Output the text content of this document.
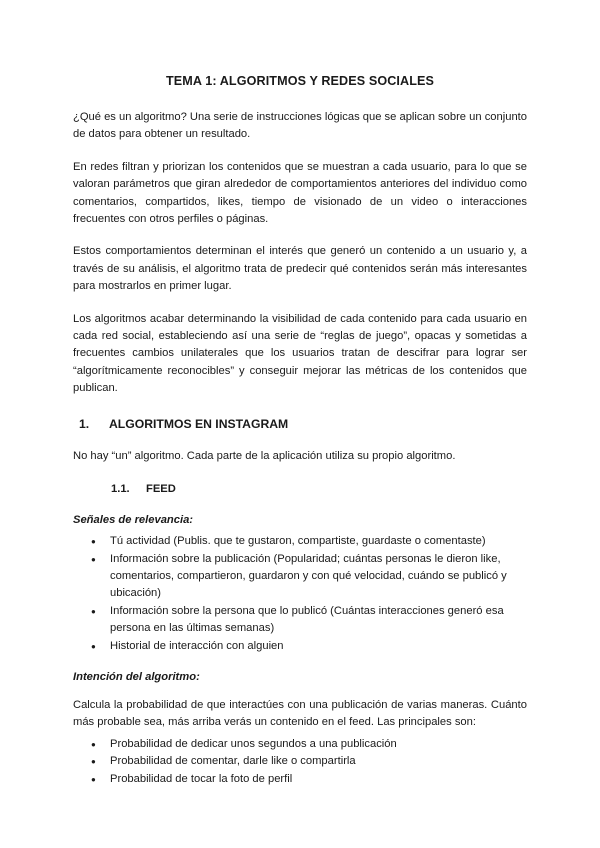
TEMA 1: ALGORITMOS Y REDES SOCIALES

¿Qué es un algoritmo? Una serie de instrucciones lógicas que se aplican sobre un conjunto de datos para obtener un resultado.

En redes filtran y priorizan los contenidos que se muestran a cada usuario, para lo que se valoran parámetros que giran alrededor de comportamientos anteriores del individuo como comentarios, compartidos, likes, tiempo de visionado de un video o interacciones frecuentes con otros perfiles o páginas.

Estos comportamientos determinan el interés que generó un contenido a un usuario y, a través de su análisis, el algoritmo trata de predecir qué contenidos serán más interesantes para mostrarlos en primer lugar.

Los algoritmos acabar determinando la visibilidad de cada contenido para cada usuario en cada red social, estableciendo así una serie de “reglas de juego”, opacas y sometidas a frecuentes cambios unilaterales que los usuarios tratan de descifrar para lograr ser “algorítmicamente reconocibles” y conseguir mejorar las métricas de los contenidos que publican.

1. ALGORITMOS EN INSTAGRAM

No hay “un” algoritmo. Cada parte de la aplicación utiliza su propio algoritmo.

1.1. FEED
Señales de relevancia:
● Tú actividad (Publis. que te gustaron, compartiste, guardaste o comentaste)
● Información sobre la publicación (Popularidad; cuántas personas le dieron like, comentarios, compartieron, guardaron y con qué velocidad, cuándo se publicó y ubicación)
● Información sobre la persona que lo publicó (Cuántas interacciones generó esa persona en las últimas semanas)
● Historial de interacción con alguien
Intención del algoritmo:

Calcula la probabilidad de que interactúes con una publicación de varias maneras. Cuánto más probable sea, más arriba verás un contenido en el feed. Las principales son:

● Probabilidad de dedicar unos segundos a una publicación
● Probabilidad de comentar, darle like o compartirla
● Probabilidad de tocar la foto de perfil
